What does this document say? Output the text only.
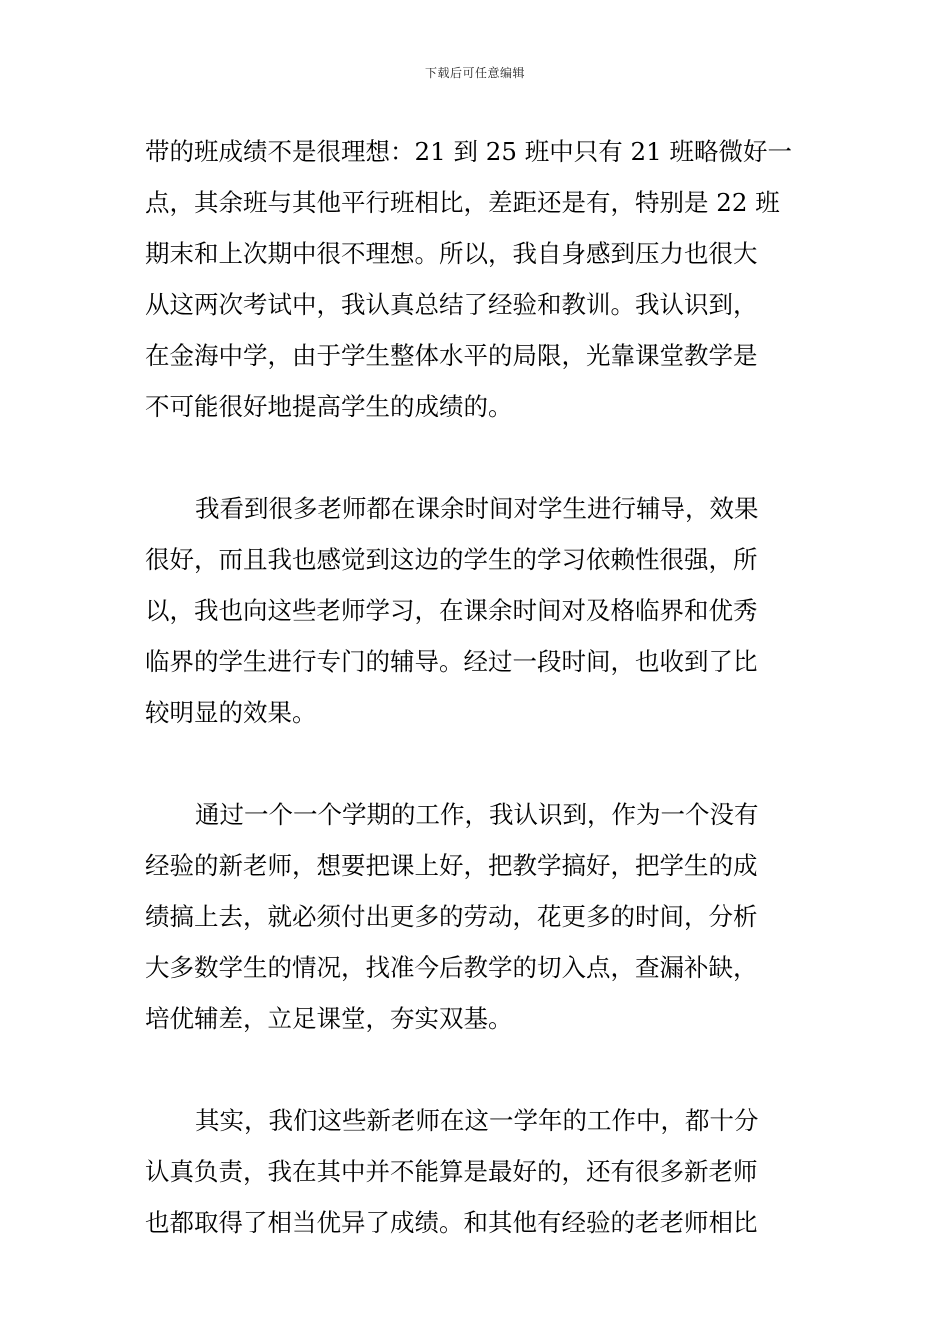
下载后可任意编辑
带的班成绩不是很理想：21 到 25 班中只有 21 班略微好一
点，其余班与其他平行班相比，差距还是有，特别是 22 班
期末和上次期中很不理想。所以，我自身感到压力也很大
从这两次考试中，我认真总结了经验和教训。我认识到，
在金海中学，由于学生整体水平的局限，光靠课堂教学是
不可能很好地提高学生的成绩的。
我看到很多老师都在课余时间对学生进行辅导，效果
很好，而且我也感觉到这边的学生的学习依赖性很强，所
以，我也向这些老师学习，在课余时间对及格临界和优秀
临界的学生进行专门的辅导。经过一段时间，也收到了比
较明显的效果。
通过一个一个学期的工作，我认识到，作为一个没有
经验的新老师，想要把课上好，把教学搞好，把学生的成
绩搞上去，就必须付出更多的劳动，花更多的时间，分析
大多数学生的情况，找准今后教学的切入点，查漏补缺，
培优辅差，立足课堂，夯实双基。
其实，我们这些新老师在这一学年的工作中，都十分
认真负责，我在其中并不能算是最好的，还有很多新老师
也都取得了相当优异了成绩。和其他有经验的老老师相比
